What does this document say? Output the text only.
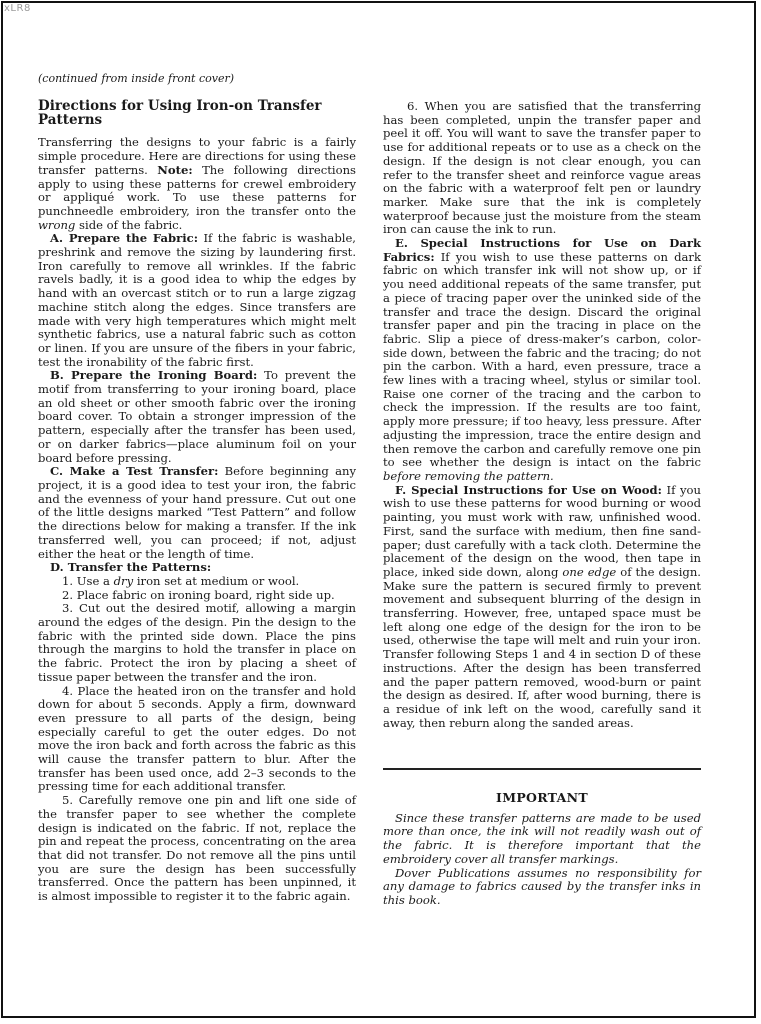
xLR8
(continued from inside front cover)
Directions for Using Iron-on Transfer Patterns

Transferring the designs to your fabric is a fairly simple procedure. Here are directions for using these transfer patterns. Note: The following directions apply to using these patterns for crewel embroidery or appliqué work. To use these patterns for punchneedle embroidery, iron the transfer onto the wrong side of the fabric.

A. Prepare the Fabric: If the fabric is washable, preshrink and remove the sizing by laundering first. Iron carefully to remove all wrinkles. If the fabric ravels badly, it is a good idea to whip the edges by hand with an overcast stitch or to run a large zigzag machine stitch along the edges. Since transfers are made with very high temperatures which might melt synthetic fabrics, use a natural fabric such as cotton or linen. If you are unsure of the fibers in your fabric, test the ironability of the fabric first.

B. Prepare the Ironing Board: To prevent the motif from transferring to your ironing board, place an old sheet or other smooth fabric over the ironing board cover. To obtain a stronger impression of the pattern, especially after the transfer has been used, or on darker fabrics—place aluminum foil on your board before pressing.

C. Make a Test Transfer: Before beginning any project, it is a good idea to test your iron, the fabric and the evenness of your hand pressure. Cut out one of the little designs marked “Test Pattern” and follow the directions below for making a transfer. If the ink transferred well, you can proceed; if not, adjust either the heat or the length of time.

D. Transfer the Patterns:

1. Use a dry iron set at medium or wool.

2. Place fabric on ironing board, right side up.

3. Cut out the desired motif, allowing a margin around the edges of the design. Pin the design to the fabric with the printed side down. Place the pins through the margins to hold the transfer in place on the fabric. Protect the iron by placing a sheet of tissue paper between the transfer and the iron.

4. Place the heated iron on the transfer and hold down for about 5 seconds. Apply a firm, downward even pressure to all parts of the design, being especially careful to get the outer edges. Do not move the iron back and forth across the fabric as this will cause the transfer pattern to blur. After the transfer has been used once, add 2–3 seconds to the pressing time for each additional transfer.

5. Carefully remove one pin and lift one side of the transfer paper to see whether the complete design is indicated on the fabric. If not, replace the pin and repeat the process, concentrating on the area that did not transfer. Do not remove all the pins until you are sure the design has been successfully transferred. Once the pattern has been unpinned, it is almost impossible to register it to the fabric again.

6. When you are satisfied that the transferring has been completed, unpin the transfer paper and peel it off. You will want to save the transfer paper to use for additional repeats or to use as a check on the design. If the design is not clear enough, you can refer to the transfer sheet and reinforce vague areas on the fabric with a waterproof felt pen or laundry marker. Make sure that the ink is completely waterproof because just the moisture from the steam iron can cause the ink to run.

E. Special Instructions for Use on Dark Fabrics: If you wish to use these patterns on dark fabric on which transfer ink will not show up, or if you need additional repeats of the same transfer, put a piece of tracing paper over the uninked side of the transfer and trace the design. Discard the original transfer paper and pin the tracing in place on the fabric. Slip a piece of dress-maker’s carbon, color-side down, between the fabric and the tracing; do not pin the carbon. With a hard, even pressure, trace a few lines with a tracing wheel, stylus or similar tool. Raise one corner of the tracing and the carbon to check the impression. If the results are too faint, apply more pressure; if too heavy, less pressure. After adjusting the impression, trace the entire design and then remove the carbon and carefully remove one pin to see whether the design is intact on the fabric before removing the pattern.

F. Special Instructions for Use on Wood: If you wish to use these patterns for wood burning or wood painting, you must work with raw, unfinished wood. First, sand the surface with medium, then fine sand-paper; dust carefully with a tack cloth. Determine the placement of the design on the wood, then tape in place, inked side down, along one edge of the design. Make sure the pattern is secured firmly to prevent movement and subsequent blurring of the design in transferring. However, free, untaped space must be left along one edge of the design for the iron to be used, otherwise the tape will melt and ruin your iron. Transfer following Steps 1 and 4 in section D of these instructions. After the design has been transferred and the paper pattern removed, wood-burn or paint the design as desired. If, after wood burning, there is a residue of ink left on the wood, carefully sand it away, then reburn along the sanded areas.

IMPORTANT

Since these transfer patterns are made to be used more than once, the ink will not readily wash out of the fabric. It is therefore important that the embroidery cover all transfer markings.

Dover Publications assumes no responsibility for any damage to fabrics caused by the transfer inks in this book.
